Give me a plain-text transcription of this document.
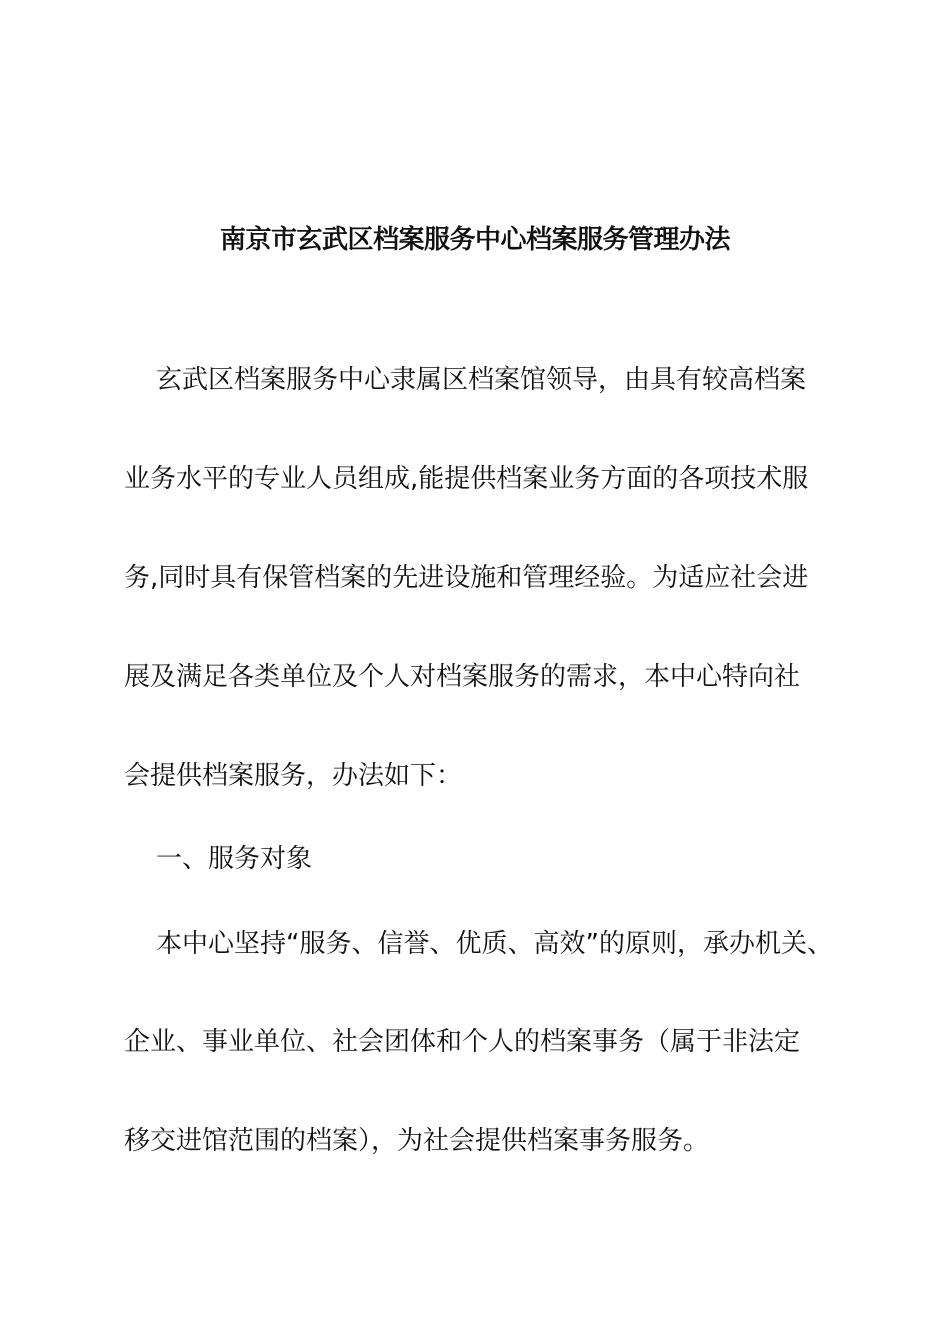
南京市玄武区档案服务中心档案服务管理办法
玄武区档案服务中心隶属区档案馆领导，由具有较高档案
业务水平的专业人员组成,能提供档案业务方面的各项技术服
务,同时具有保管档案的先进设施和管理经验。为适应社会进
展及满足各类单位及个人对档案服务的需求，本中心特向社
会提供档案服务，办法如下：
一、服务对象
本中心坚持“服务、信誉、优质、高效”的原则，承办机关、
企业、事业单位、社会团体和个人的档案事务（属于非法定
移交进馆范围的档案），为社会提供档案事务服务。
